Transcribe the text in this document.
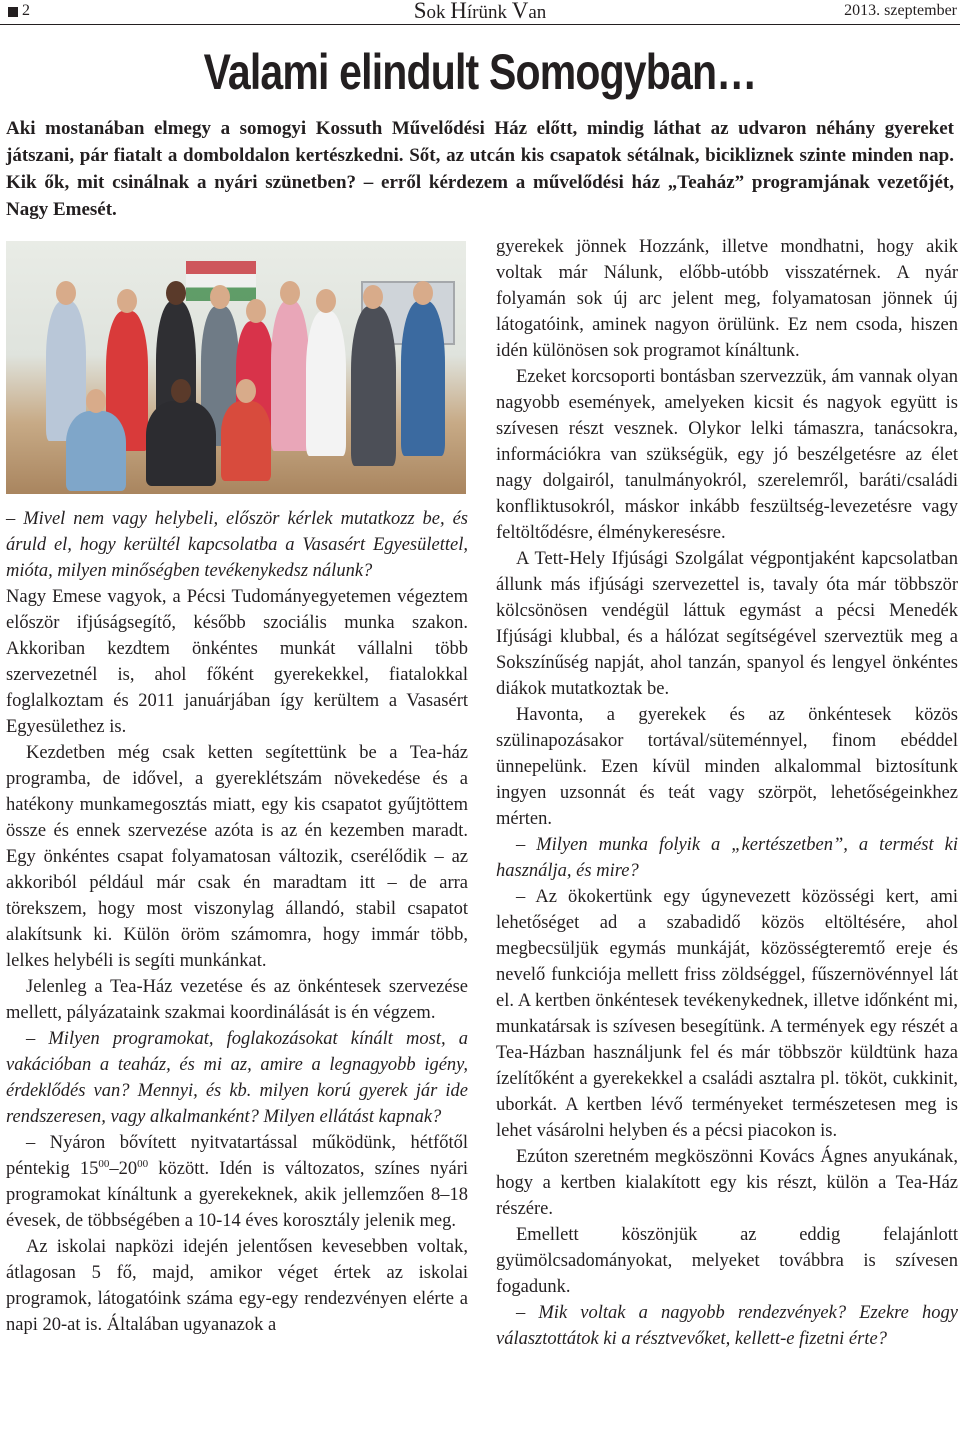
2	Sok Hírünk Van	2013. szeptember
Valami elindult Somogyban…

Aki mostanában elmegy a somogyi Kossuth Művelődési Ház előtt, mindig láthat az udvaron néhány gyereket játszani, pár fiatalt a domboldalon kertészkedni. Sőt, az utcán kis csapatok sétálnak, bicikliznek szinte minden nap. Kik ők, mit csinálnak a nyári szünetben? – erről kérdezem a művelődési ház „Teaház” programjának vezetőjét, Nagy Emesét.

– Mivel nem vagy helybeli, először kérlek mutatkozz be, és áruld el, hogy kerültél kapcsolatba a Vasasért Egyesülettel, mióta, milyen minőségben tevékenykedsz nálunk?

Nagy Emese vagyok, a Pécsi Tudományegyetemen végeztem először ifjúságsegítő, később szociális munka szakon. Akkoriban kezdtem önkéntes munkát vállalni több szervezetnél is, ahol főként gyerekekkel, fiatalokkal foglalkoztam és 2011 januárjában így kerültem a Vasasért Egyesülethez is.

Kezdetben még csak ketten segítettünk be a Tea-ház programba, de idővel, a gyereklétszám növekedése és a hatékony munkamegosztás miatt, egy kis csapatot gyűjtöttem össze és ennek szervezése azóta is az én kezemben maradt. Egy önkéntes csapat folyamatosan változik, cserélődik – az akkoriból például már csak én maradtam itt – de arra törekszem, hogy most viszonylag állandó, stabil csapatot alakítsunk ki. Külön öröm számomra, hogy immár több, lelkes helybéli is segíti munkánkat.

Jelenleg a Tea-Ház vezetése és az önkéntesek szervezése mellett, pályázataink szakmai koordinálását is én végzem.

– Milyen programokat, foglakozásokat kínált most, a vakációban a teaház, és mi az, amire a legnagyobb igény, érdeklődés van? Mennyi, és kb. milyen korú gyerek jár ide rendszeresen, vagy alkalmanként? Milyen ellátást kapnak?

– Nyáron bővített nyitvatartással működünk, hétfőtől péntekig $15^{00}-20^{00}$ között. Idén is változatos, színes nyári programokat kínáltunk a gyerekeknek, akik jellemzően 8–18 évesek, de többségében a 10-14 éves korosztály jelenik meg.

Az iskolai napközi idején jelentősen kevesebben voltak, átlagosan 5 fő, majd, amikor véget értek az iskolai programok, látogatóink száma egy-egy rendezvényen elérte a napi 20-at is. Általában ugyanazok a

gyerekek jönnek Hozzánk, illetve mondhatni, hogy akik voltak már Nálunk, előbb-utóbb visszatérnek. A nyár folyamán sok új arc jelent meg, folyamatosan jönnek új látogatóink, aminek nagyon örülünk. Ez nem csoda, hiszen idén különösen sok programot kínáltunk.

Ezeket korcsoporti bontásban szervezzük, ám vannak olyan nagyobb események, amelyeken kicsit és nagyok együtt is szívesen részt vesznek. Olykor lelki támaszra, tanácsokra, információkra van szükségük, egy jó beszélgetésre az élet nagy dolgairól, tanulmányokról, szerelemről, baráti/családi konfliktusokról, máskor inkább feszültség-levezetésre vagy feltöltődésre, élménykeresésre.

A Tett-Hely Ifjúsági Szolgálat végpontjaként kapcsolatban állunk más ifjúsági szervezettel is, tavaly óta már többször kölcsönösen vendégül láttuk egymást a pécsi Menedék Ifjúsági klubbal, és a hálózat segítségével szerveztük meg a Sokszínűség napját, ahol tanzán, spanyol és lengyel önkéntes diákok mutatkoztak be.

Havonta, a gyerekek és az önkéntesek közös szülinapozásakor tortával/süteménnyel, finom ebéddel ünnepelünk. Ezen kívül minden alkalommal biztosítunk ingyen uzsonnát és teát vagy szörpöt, lehetőségeinkhez mérten.

– Milyen munka folyik a „kertészetben”, a termést ki használja, és mire?

– Az ökokertünk egy úgynevezett közösségi kert, ami lehetőséget ad a szabadidő közös eltöltésére, ahol megbecsüljük egymás munkáját, közösségteremtő ereje és nevelő funkciója mellett friss zöldséggel, fűszernövénnyel lát el. A kertben önkéntesek tevékenykednek, illetve időnként mi, munkatársak is szívesen besegítünk. A termények egy részét a Tea-Házban használjunk fel és már többször küldtünk haza ízelítőként a gyerekekkel a családi asztalra pl. tököt, cukkinit, uborkát. A kertben lévő terményeket természetesen meg is lehet vásárolni helyben és a pécsi piacokon is.

Ezúton szeretném megköszönni Kovács Ágnes anyukának, hogy a kertben kialakított egy kis részt, külön a Tea-Ház részére.

Emellett köszönjük az eddig felajánlott gyümölcsadományokat, melyeket továbbra is szívesen fogadunk.

– Mik voltak a nagyobb rendezvények? Ezekre hogy választottátok ki a résztvevőket, kellett-e fizetni érte?
